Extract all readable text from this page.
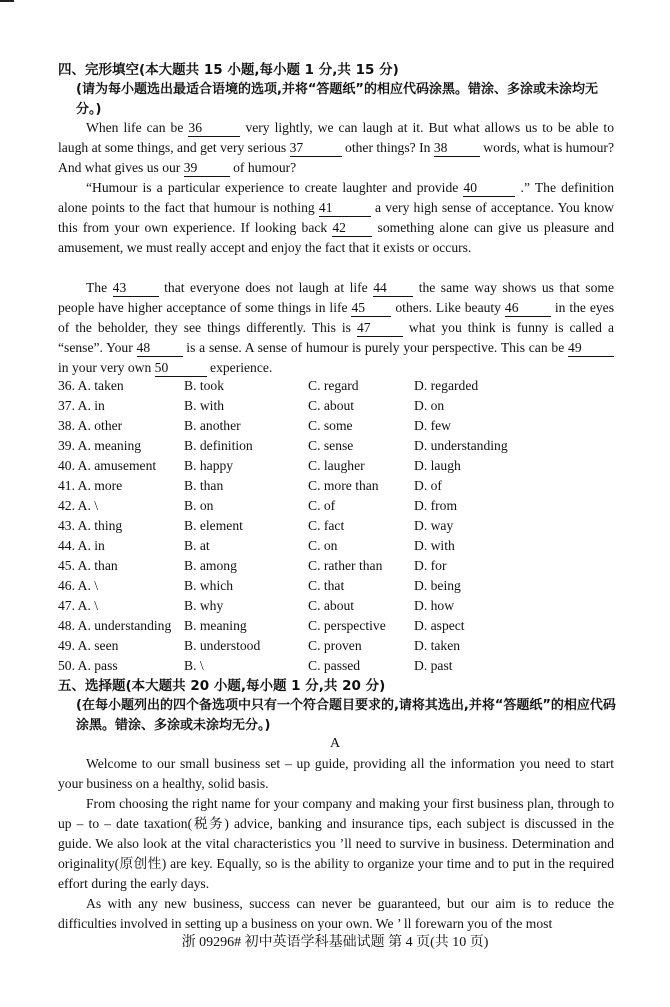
四、完形填空(本大题共 15 小题,每小题 1 分,共 15 分)
(请为每小题选出最适合语境的选项,并将“答题纸”的相应代码涂黑。错涂、多涂或未涂均无分。)
When life can be 36	very lightly, we can laugh at it. But what allows us to be able to laugh at some things, and get very serious 37	other things? In 38 words, what is humour? And what gives us our 39 of humour?
“Humour is a particular experience to create laughter and provide 40	.” The definition alone points to the fact that humour is nothing 41	a very high sense of acceptance. You know this from your own experience. If looking back 42 something alone can give us pleasure and amusement, we must really accept and enjoy the fact that it exists or occurs.
The 43 that everyone does not laugh at life 44 the same way shows us that some people have higher acceptance of some things in life 45 others. Like beauty 46 in the eyes of the beholder, they see things differently. This is 47 what you think is funny is called a “sense”. Your 48 is a sense. A sense of humour is purely your perspective. This can be 49 in your very own 50	experience.
36. A. taken	B. took	C. regard	D. regarded
37. A. in	B. with	C. about	D. on
38. A. other	B. another	C. some	D. few
39. A. meaning	B. definition	C. sense	D. understanding
40. A. amusement B. happy	C. laugher	D. laugh
41. A. more	B. than	C. more than	D. of
42. A. \	B. on	C. of	D. from
43. A. thing	B. element	C. fact	D. way
44. A. in	B. at	C. on	D. with
45. A. than	B. among	C. rather than D. for
46. A. \	B. which	C. that	D. being
47. A. \	B. why	C. about	D. how
48. A. understanding B. meaning	C. perspective D. aspect
49. A. seen	B. understood	C. proven	D. taken
50. A. pass	B. \	C. passed	D. past
五、选择题(本大题共 20 小题,每小题 1 分,共 20 分)
(在每小题列出的四个备选项中只有一个符合题目要求的,请将其选出,并将“答题纸”的相应代码涂黑。错涂、多涂或未涂均无分。)
A
Welcome to our small business set – up guide, providing all the information you need to start your business on a healthy, solid basis.
From choosing the right name for your company and making your first business plan, through to up – to – date taxation(税务) advice, banking and insurance tips, each subject is discussed in the guide. We also look at the vital characteristics you ’ll need to survive in business. Determination and originality(原创性) are key. Equally, so is the ability to organize your time and to put in the required effort during the early days.
As with any new business, success can never be guaranteed, but our aim is to reduce the difficulties involved in setting up a business on your own. We ’ ll forewarn you of the most
浙 09296# 初中英语学科基础试题 第 4 页(共 10 页)
